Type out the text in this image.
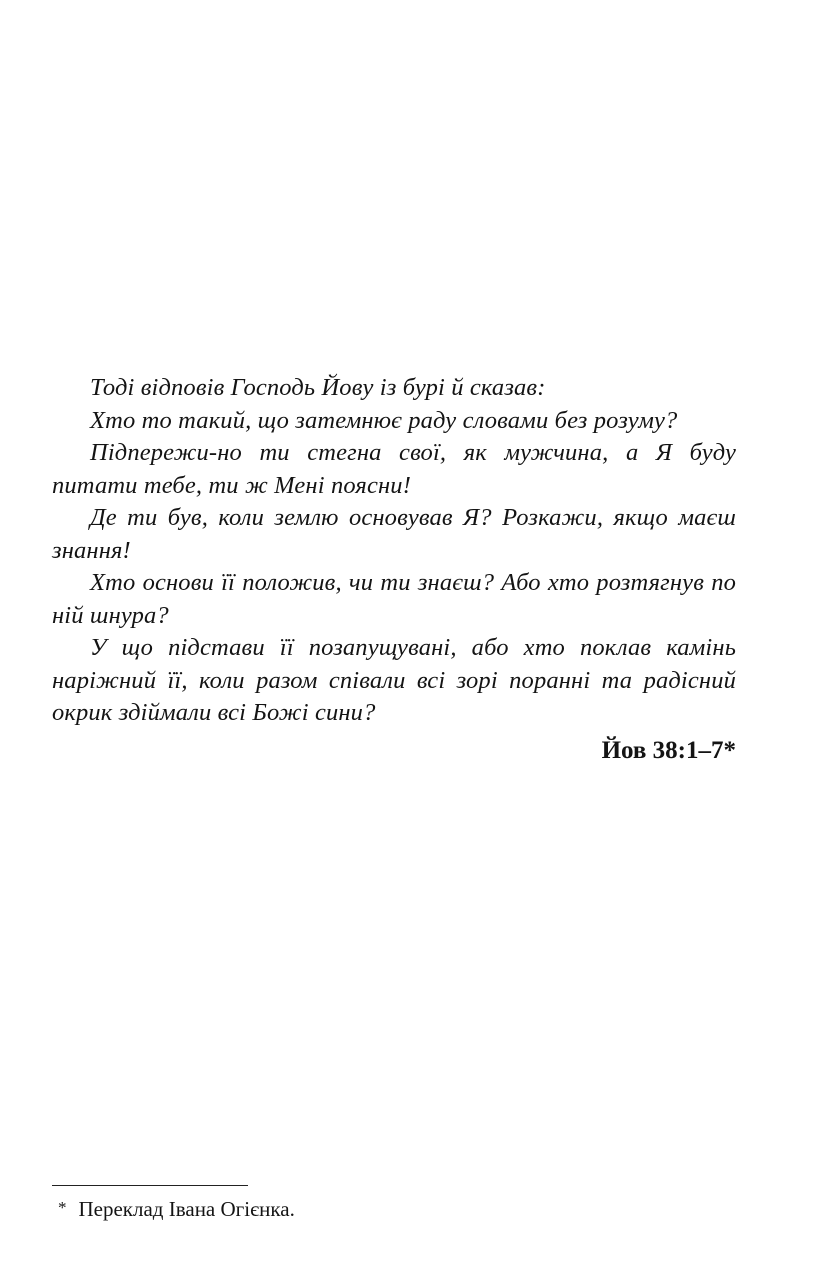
Тоді відповів Господь Йову із бурі й сказав:

Хто то такий, що затемнює раду словами без розуму?

Підпережи-но ти стегна свої, як мужчина, а Я буду питати тебе, ти ж Мені поясни!

Де ти був, коли землю основував Я? Розкажи, якщо маєш знання!

Хто основи її положив, чи ти знаєш? Або хто розтягнув по ній шнура?

У що підстави її позапущувані, або хто поклав камінь наріжний її, коли разом співали всі зорі поранні та радісний окрик здіймали всі Божі сини?

Йов 38:1–7*

* Переклад Івана Огієнка.
